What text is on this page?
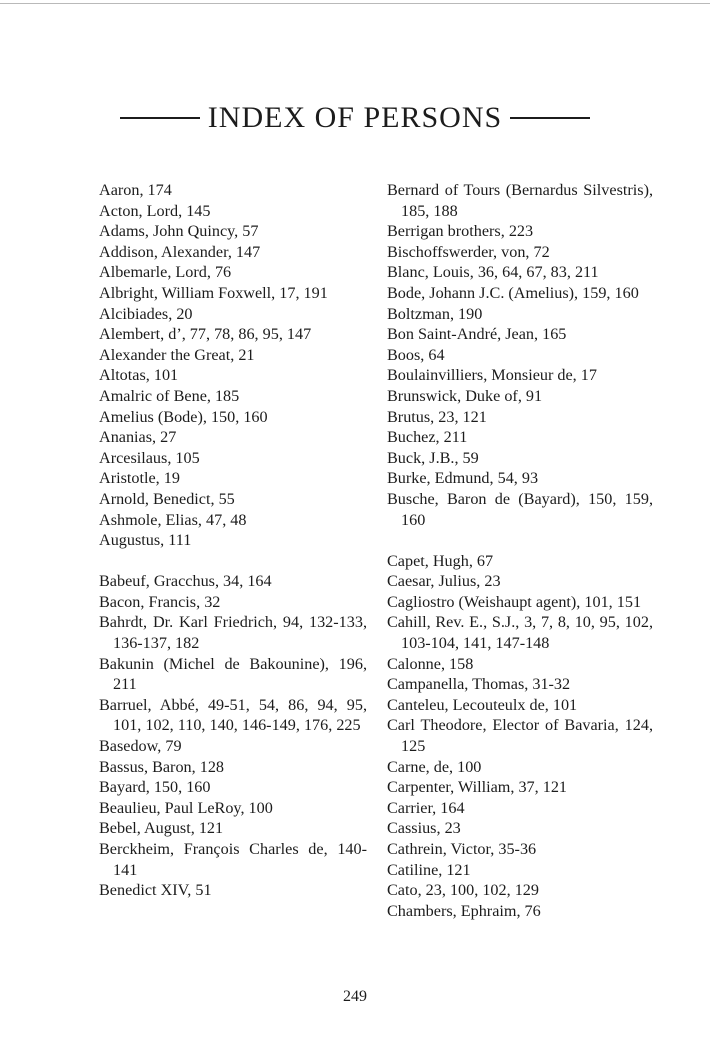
INDEX OF PERSONS
Aaron, 174
Acton, Lord, 145
Adams, John Quincy, 57
Addison, Alexander, 147
Albemarle, Lord, 76
Albright, William Foxwell, 17, 191
Alcibiades, 20
Alembert, d’, 77, 78, 86, 95, 147
Alexander the Great, 21
Altotas, 101
Amalric of Bene, 185
Amelius (Bode), 150, 160
Ananias, 27
Arcesilaus, 105
Aristotle, 19
Arnold, Benedict, 55
Ashmole, Elias, 47, 48
Augustus, 111
Babeuf, Gracchus, 34, 164
Bacon, Francis, 32
Bahrdt, Dr. Karl Friedrich, 94, 132-133, 136-137, 182
Bakunin (Michel de Bakounine), 196, 211
Barruel, Abbé, 49-51, 54, 86, 94, 95, 101, 102, 110, 140, 146-149, 176, 225
Basedow, 79
Bassus, Baron, 128
Bayard, 150, 160
Beaulieu, Paul LeRoy, 100
Bebel, August, 121
Berckheim, François Charles de, 140-141
Benedict XIV, 51
Bernard of Tours (Bernardus Silvestris), 185, 188
Berrigan brothers, 223
Bischoffswerder, von, 72
Blanc, Louis, 36, 64, 67, 83, 211
Bode, Johann J.C. (Amelius), 159, 160
Boltzman, 190
Bon Saint-André, Jean, 165
Boos, 64
Boulainvilliers, Monsieur de, 17
Brunswick, Duke of, 91
Brutus, 23, 121
Buchez, 211
Buck, J.B., 59
Burke, Edmund, 54, 93
Busche, Baron de (Bayard), 150, 159, 160
Capet, Hugh, 67
Caesar, Julius, 23
Cagliostro (Weishaupt agent), 101, 151
Cahill, Rev. E., S.J., 3, 7, 8, 10, 95, 102, 103-104, 141, 147-148
Calonne, 158
Campanella, Thomas, 31-32
Canteleu, Lecouteulx de, 101
Carl Theodore, Elector of Bavaria, 124, 125
Carne, de, 100
Carpenter, William, 37, 121
Carrier, 164
Cassius, 23
Cathrein, Victor, 35-36
Catiline, 121
Cato, 23, 100, 102, 129
Chambers, Ephraim, 76
249
